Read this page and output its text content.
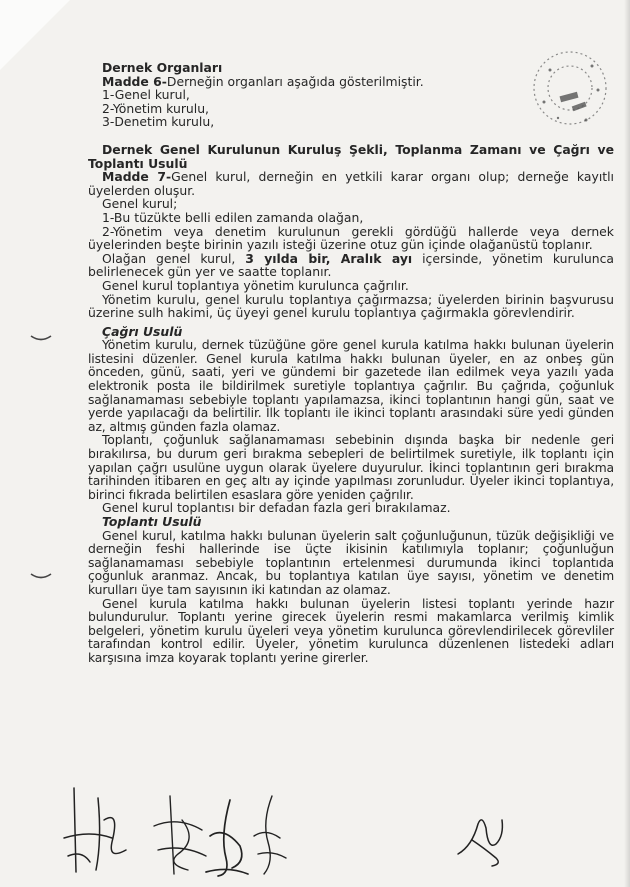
Dernek Organları

Madde 6-Derneğin organları aşağıda gösterilmiştir.

1-Genel kurul,

2-Yönetim kurulu,

3-Denetim kurulu,

Dernek Genel Kurulunun Kuruluş Şekli, Toplanma Zamanı ve Çağrı ve Toplantı Usulü

Madde 7-Genel kurul, derneğin en yetkili karar organı olup; derneğe kayıtlı üyelerden oluşur.

Genel kurul;

1-Bu tüzükte belli edilen zamanda olağan,

2-Yönetim veya denetim kurulunun gerekli gördüğü hallerde veya dernek üyelerinden beşte birinin yazılı isteği üzerine otuz gün içinde olağanüstü toplanır.

Olağan genel kurul, 3 yılda bir, Aralık ayı içersinde, yönetim kurulunca belirlenecek gün yer ve saatte toplanır.

Genel kurul toplantıya yönetim kurulunca çağrılır.

Yönetim kurulu, genel kurulu toplantıya çağırmazsa; üyelerden birinin başvurusu üzerine sulh hakimi, üç üyeyi genel kurulu toplantıya çağırmakla görevlendirir.

Çağrı Usulü

Yönetim kurulu, dernek tüzüğüne göre genel kurula katılma hakkı bulunan üyelerin listesini düzenler. Genel kurula katılma hakkı bulunan üyeler, en az onbeş gün önceden, günü, saati, yeri ve gündemi bir gazetede ilan edilmek veya yazılı yada elektronik posta ile bildirilmek suretiyle toplantıya çağrılır. Bu çağrıda, çoğunluk sağlanamaması sebebiyle toplantı yapılamazsa, ikinci toplantının hangi gün, saat ve yerde yapılacağı da belirtilir. İlk toplantı ile ikinci toplantı arasındaki süre yedi günden az, altmış günden fazla olamaz.

Toplantı, çoğunluk sağlanamaması sebebinin dışında başka bir nedenle geri bırakılırsa, bu durum geri bırakma sebepleri de belirtilmek suretiyle, ilk toplantı için yapılan çağrı usulüne uygun olarak üyelere duyurulur. İkinci toplantının geri bırakma tarihinden itibaren en geç altı ay içinde yapılması zorunludur. Üyeler ikinci toplantıya, birinci fıkrada belirtilen esaslara göre yeniden çağrılır.

Genel kurul toplantısı bir defadan fazla geri bırakılamaz.

Toplantı Usulü

Genel kurul, katılma hakkı bulunan üyelerin salt çoğunluğunun, tüzük değişikliği ve derneğin feshi hallerinde ise üçte ikisinin katılımıyla toplanır; çoğunluğun sağlanamaması sebebiyle toplantının ertelenmesi durumunda ikinci toplantıda çoğunluk aranmaz. Ancak, bu toplantıya katılan üye sayısı, yönetim ve denetim kurulları üye tam sayısının iki katından az olamaz.

Genel kurula katılma hakkı bulunan üyelerin listesi toplantı yerinde hazır bulundurulur. Toplantı yerine girecek üyelerin resmi makamlarca verilmiş kimlik belgeleri, yönetim kurulu üyeleri veya yönetim kurulunca görevlendirilecek görevliler tarafından kontrol edilir. Üyeler, yönetim kurulunca düzenlenen listedeki adları karşısına imza koyarak toplantı yerine girerler.
